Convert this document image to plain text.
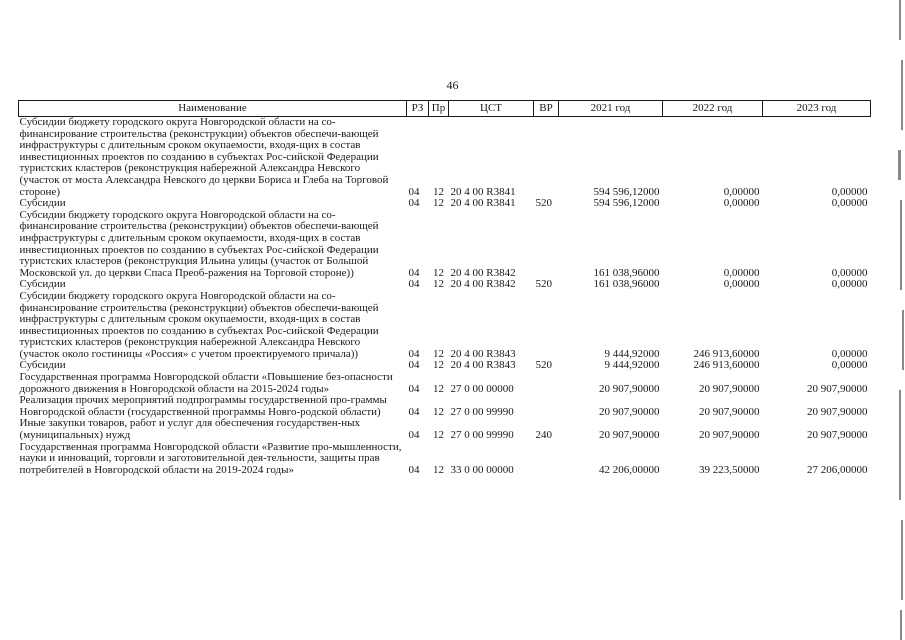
46
Наименование	РЗ	Пр	ЦСТ	ВР	2021 год	2022 год	2023 год
Субсидии бюджету городского округа Новгородской области на со-финансирование строительства (реконструкции) объектов обеспечи-вающей инфраструктуры с длительным сроком окупаемости, входя-щих в состав инвестиционных проектов по созданию в субъектах Рос-сийской Федерации туристских кластеров (реконструкция набережной Александра Невского (участок от моста Александра Невского до церкви Бориса и Глеба на Торговой стороне)	04	12	20 4 00 R3841		594 596,12000	0,00000	0,00000
Субсидии	04	12	20 4 00 R3841	520	594 596,12000	0,00000	0,00000
Субсидии бюджету городского округа Новгородской области на со-финансирование строительства (реконструкции) объектов обеспечи-вающей инфраструктуры с длительным сроком окупаемости, входя-щих в состав инвестиционных проектов по созданию в субъектах Рос-сийской Федерации туристских кластеров (реконструкция Ильина улицы (участок от Большой Московской ул. до церкви Спаса Преоб-ражения на Торговой стороне))	04	12	20 4 00 R3842		161 038,96000	0,00000	0,00000
Субсидии	04	12	20 4 00 R3842	520	161 038,96000	0,00000	0,00000
Субсидии бюджету городского округа Новгородской области на со-финансирование строительства (реконструкции) объектов обеспечи-вающей инфраструктуры с длительным сроком окупаемости, входя-щих в состав инвестиционных проектов по созданию в субъектах Рос-сийской Федерации туристских кластеров (реконструкция набережной Александра Невского (участок около гостиницы «Россия» с учетом проектируемого причала))	04	12	20 4 00 R3843		9 444,92000	246 913,60000	0,00000
Субсидии	04	12	20 4 00 R3843	520	9 444,92000	246 913,60000	0,00000
Государственная программа Новгородской области «Повышение без-опасности дорожного движения в Новгородской области на 2015-2024 годы»	04	12	27 0 00 00000		20 907,90000	20 907,90000	20 907,90000
Реализация прочих мероприятий подпрограммы государственной про-граммы Новгородской области (государственной программы Новго-родской области)	04	12	27 0 00 99990		20 907,90000	20 907,90000	20 907,90000
Иные закупки товаров, работ и услуг для обеспечения государствен-ных (муниципальных) нужд	04	12	27 0 00 99990	240	20 907,90000	20 907,90000	20 907,90000
Государственная программа Новгородской области «Развитие про-мышленности, науки и инноваций, торговли и заготовительной дея-тельности, защиты прав потребителей в Новгородской области на 2019-2024 годы»	04	12	33 0 00 00000		42 206,00000	39 223,50000	27 206,00000
